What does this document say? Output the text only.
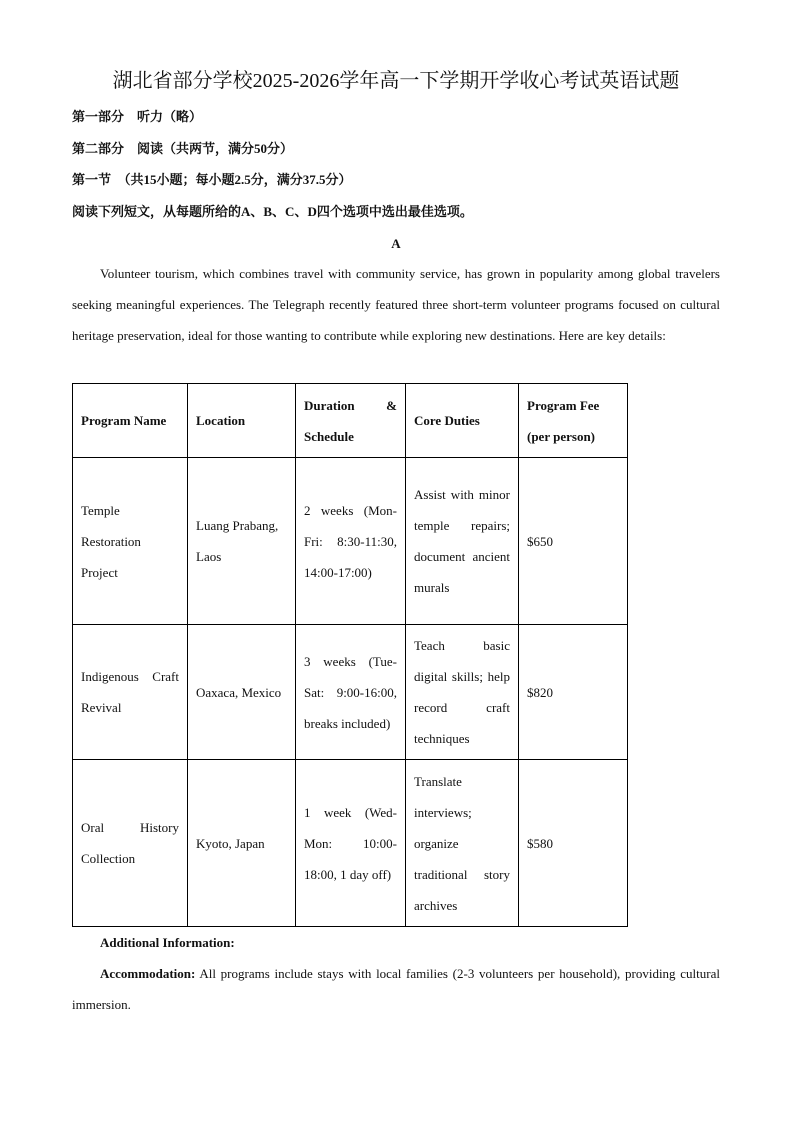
湖北省部分学校2025-2026学年高一下学期开学收心考试英语试题
第一部分　听力（略）
第二部分　阅读（共两节，满分50分）
第一节　（共15小题；每小题2.5分，满分37.5分）
阅读下列短文，从每题所给的A、B、C、D四个选项中选出最佳选项。
A

Volunteer tourism, which combines travel with community service, has grown in popularity among global travelers seeking meaningful experiences. The Telegraph recently featured three short-term volunteer programs focused on cultural heritage preservation, ideal for those wanting to contribute while exploring new destinations. Here are key details:

Program Name	Location	Duration & Schedule	Core Duties	Program Fee (per person)
Temple Restoration Project	Luang Prabang, Laos	2 weeks (Mon-Fri: 8:30-11:30, 14:00-17:00)	Assist with minor temple repairs; document ancient murals	$650
Indigenous Craft Revival	Oaxaca, Mexico	3 weeks (Tue-Sat: 9:00-16:00, breaks included)	Teach basic digital skills; help record craft techniques	$820
Oral History Collection	Kyoto, Japan	1 week (Wed-Mon: 10:00-18:00, 1 day off)	Translate interviews; organize traditional story archives	$580
Additional Information:

Accommodation: All programs include stays with local families (2-3 volunteers per household), providing cultural immersion.
